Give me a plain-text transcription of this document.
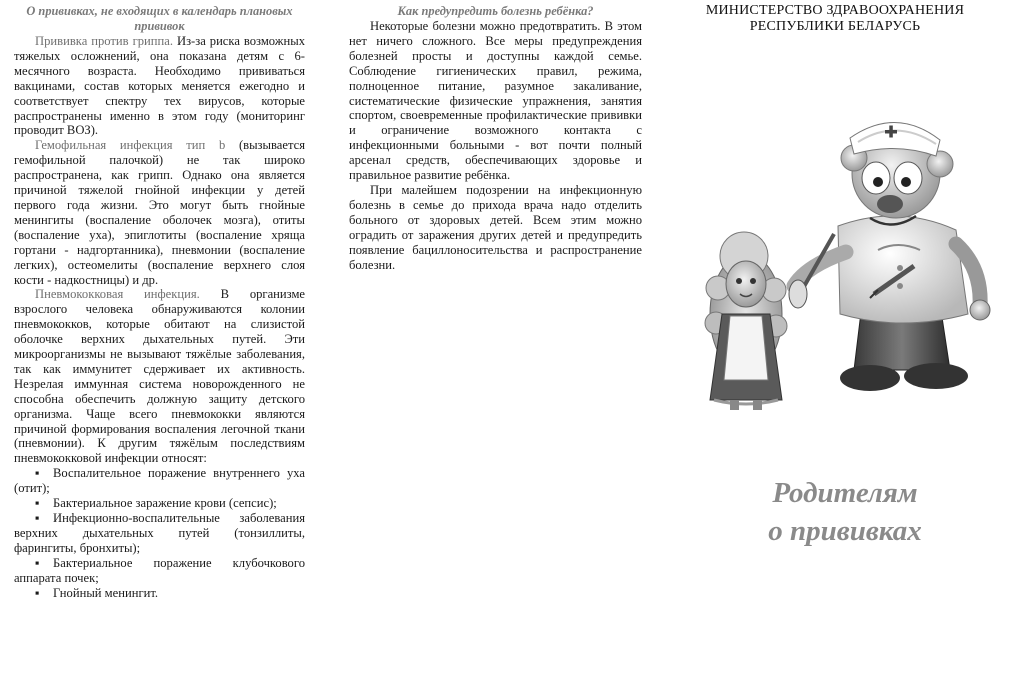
О прививках, не входящих в календарь плановых прививок

Прививка против гриппа. Из-за риска возможных тяжелых осложнений, она показана детям с 6-месячного возраста. Необходимо прививаться вакцинами, состав которых меняется ежегодно и соответствует спектру тех вирусов, которые распространены именно в этом году (мониторинг проводит ВОЗ).

Гемофильная инфекция тип b (вызывается гемофильной палочкой) не так широко распространена, как грипп. Однако она является причиной тяжелой гнойной инфекции у детей первого года жизни. Это могут быть гнойные менингиты (воспаление оболочек мозга), отиты (воспаление уха), эпиглотиты (воспаление хряща гортани - надгортанника), пневмонии (воспаление легких), остеомелиты (воспаление верхнего слоя кости - надкостницы) и др.

Пневмококковая инфекция. В организме взрослого человека обнаруживаются колонии пневмококков, которые обитают на слизистой оболочке верхних дыхательных путей. Эти микроорганизмы не вызывают тяжёлые заболевания, так как иммунитет сдерживает их активность. Незрелая иммунная система новорожденного не способна обеспечить должную защиту детского организма. Чаще всего пневмококки являются причиной формирования воспаления легочной ткани (пневмонии). К другим тяжёлым последствиям пневмококковой инфекции относят:

▪ Воспалительное поражение внутреннего уха (отит);
▪ Бактериальное заражение крови (сепсис);
▪ Инфекционно-воспалительные заболевания верхних дыхательных путей (тонзиллиты, фарингиты, бронхиты);
▪ Бактериальное поражение клубочкового аппарата почек;
▪ Гнойный менингит.
Как предупредить болезнь ребёнка?

Некоторые болезни можно предотвратить. В этом нет ничего сложного. Все меры предупреждения болезней просты и доступны каждой семье. Соблюдение гигиенических правил, режима, полноценное питание, разумное закаливание, систематические физические упражнения, занятия спортом, своевременные профилактические прививки и ограничение возможного контакта с инфекционными больными - вот почти полный арсенал средств, обеспечивающих здоровье и правильное развитие ребёнка.

При малейшем подозрении на инфекционную болезнь в семье до прихода врача надо отделить больного от здоровых детей. Всем этим можно оградить от заражения других детей и предупредить появление бациллоносительства и распространение болезни.

МИНИСТЕРСТВО ЗДРАВООХРАНЕНИЯ
РЕСПУБЛИКИ БЕЛАРУСЬ
Родителям
о прививках
